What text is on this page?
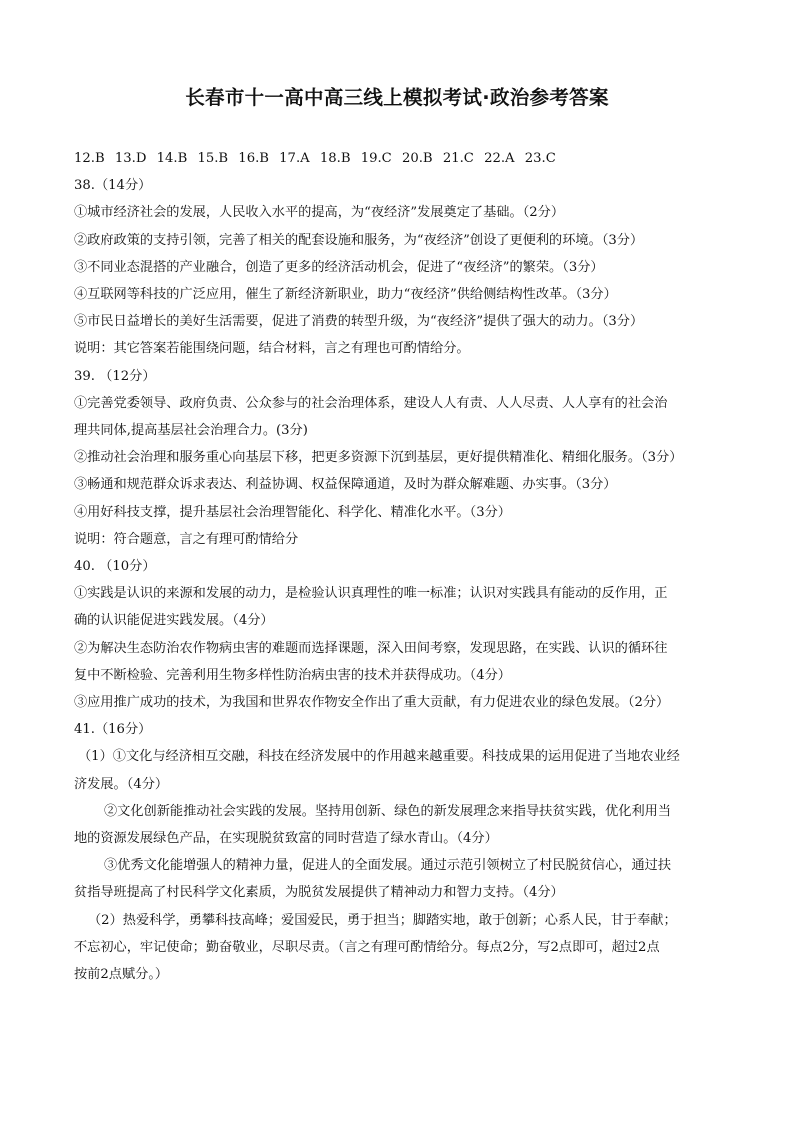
长春市十一高中高三线上模拟考试·政治参考答案
12.B 13.D 14.B 15.B 16.B 17.A 18.B 19.C 20.B 21.C 22.A 23.C
38.（14分）
①城市经济社会的发展，人民收入水平的提高，为“夜经济”发展奠定了基础。（2分）
②政府政策的支持引领，完善了相关的配套设施和服务，为“夜经济”创设了更便利的环境。（3分）
③不同业态混搭的产业融合，创造了更多的经济活动机会，促进了“夜经济”的繁荣。（3分）
④互联网等科技的广泛应用，催生了新经济新职业，助力“夜经济”供给侧结构性改革。（3分）
⑤市民日益增长的美好生活需要，促进了消费的转型升级，为“夜经济”提供了强大的动力。（3分）
说明：其它答案若能围绕问题，结合材料，言之有理也可酌情给分。
39. （12分）
①完善党委领导、政府负责、公众参与的社会治理体系，建设人人有责、人人尽责、人人享有的社会治
理共同体,提高基层社会治理合力。(3分)
②推动社会治理和服务重心向基层下移，把更多资源下沉到基层，更好提供精准化、精细化服务。（3分）
③畅通和规范群众诉求表达、利益协调、权益保障通道，及时为群众解难题、办实事。（3分）
④用好科技支撑，提升基层社会治理智能化、科学化、精准化水平。（3分）
说明：符合题意，言之有理可酌情给分
40. （10分）
①实践是认识的来源和发展的动力，是检验认识真理性的唯一标准；认识对实践具有能动的反作用，正
确的认识能促进实践发展。（4分）
②为解决生态防治农作物病虫害的难题而选择课题，深入田间考察，发现思路，在实践、认识的循环往
复中不断检验、完善利用生物多样性防治病虫害的技术并获得成功。（4分）
③应用推广成功的技术，为我国和世界农作物安全作出了重大贡献，有力促进农业的绿色发展。（2分）
41.（16分）
（1）①文化与经济相互交融，科技在经济发展中的作用越来越重要。科技成果的运用促进了当地农业经
济发展。（4分）
②文化创新能推动社会实践的发展。坚持用创新、绿色的新发展理念来指导扶贫实践，优化利用当
地的资源发展绿色产品，在实现脱贫致富的同时营造了绿水青山。（4分）
③优秀文化能增强人的精神力量，促进人的全面发展。通过示范引领树立了村民脱贫信心，通过扶
贫指导班提高了村民科学文化素质，为脱贫发展提供了精神动力和智力支持。（4分）
（2）热爱科学，勇攀科技高峰；爱国爱民，勇于担当；脚踏实地，敢于创新；心系人民，甘于奉献；
不忘初心，牢记使命；勤奋敬业，尽职尽责。（言之有理可酌情给分。每点2分，写2点即可，超过2点
按前2点赋分。）
